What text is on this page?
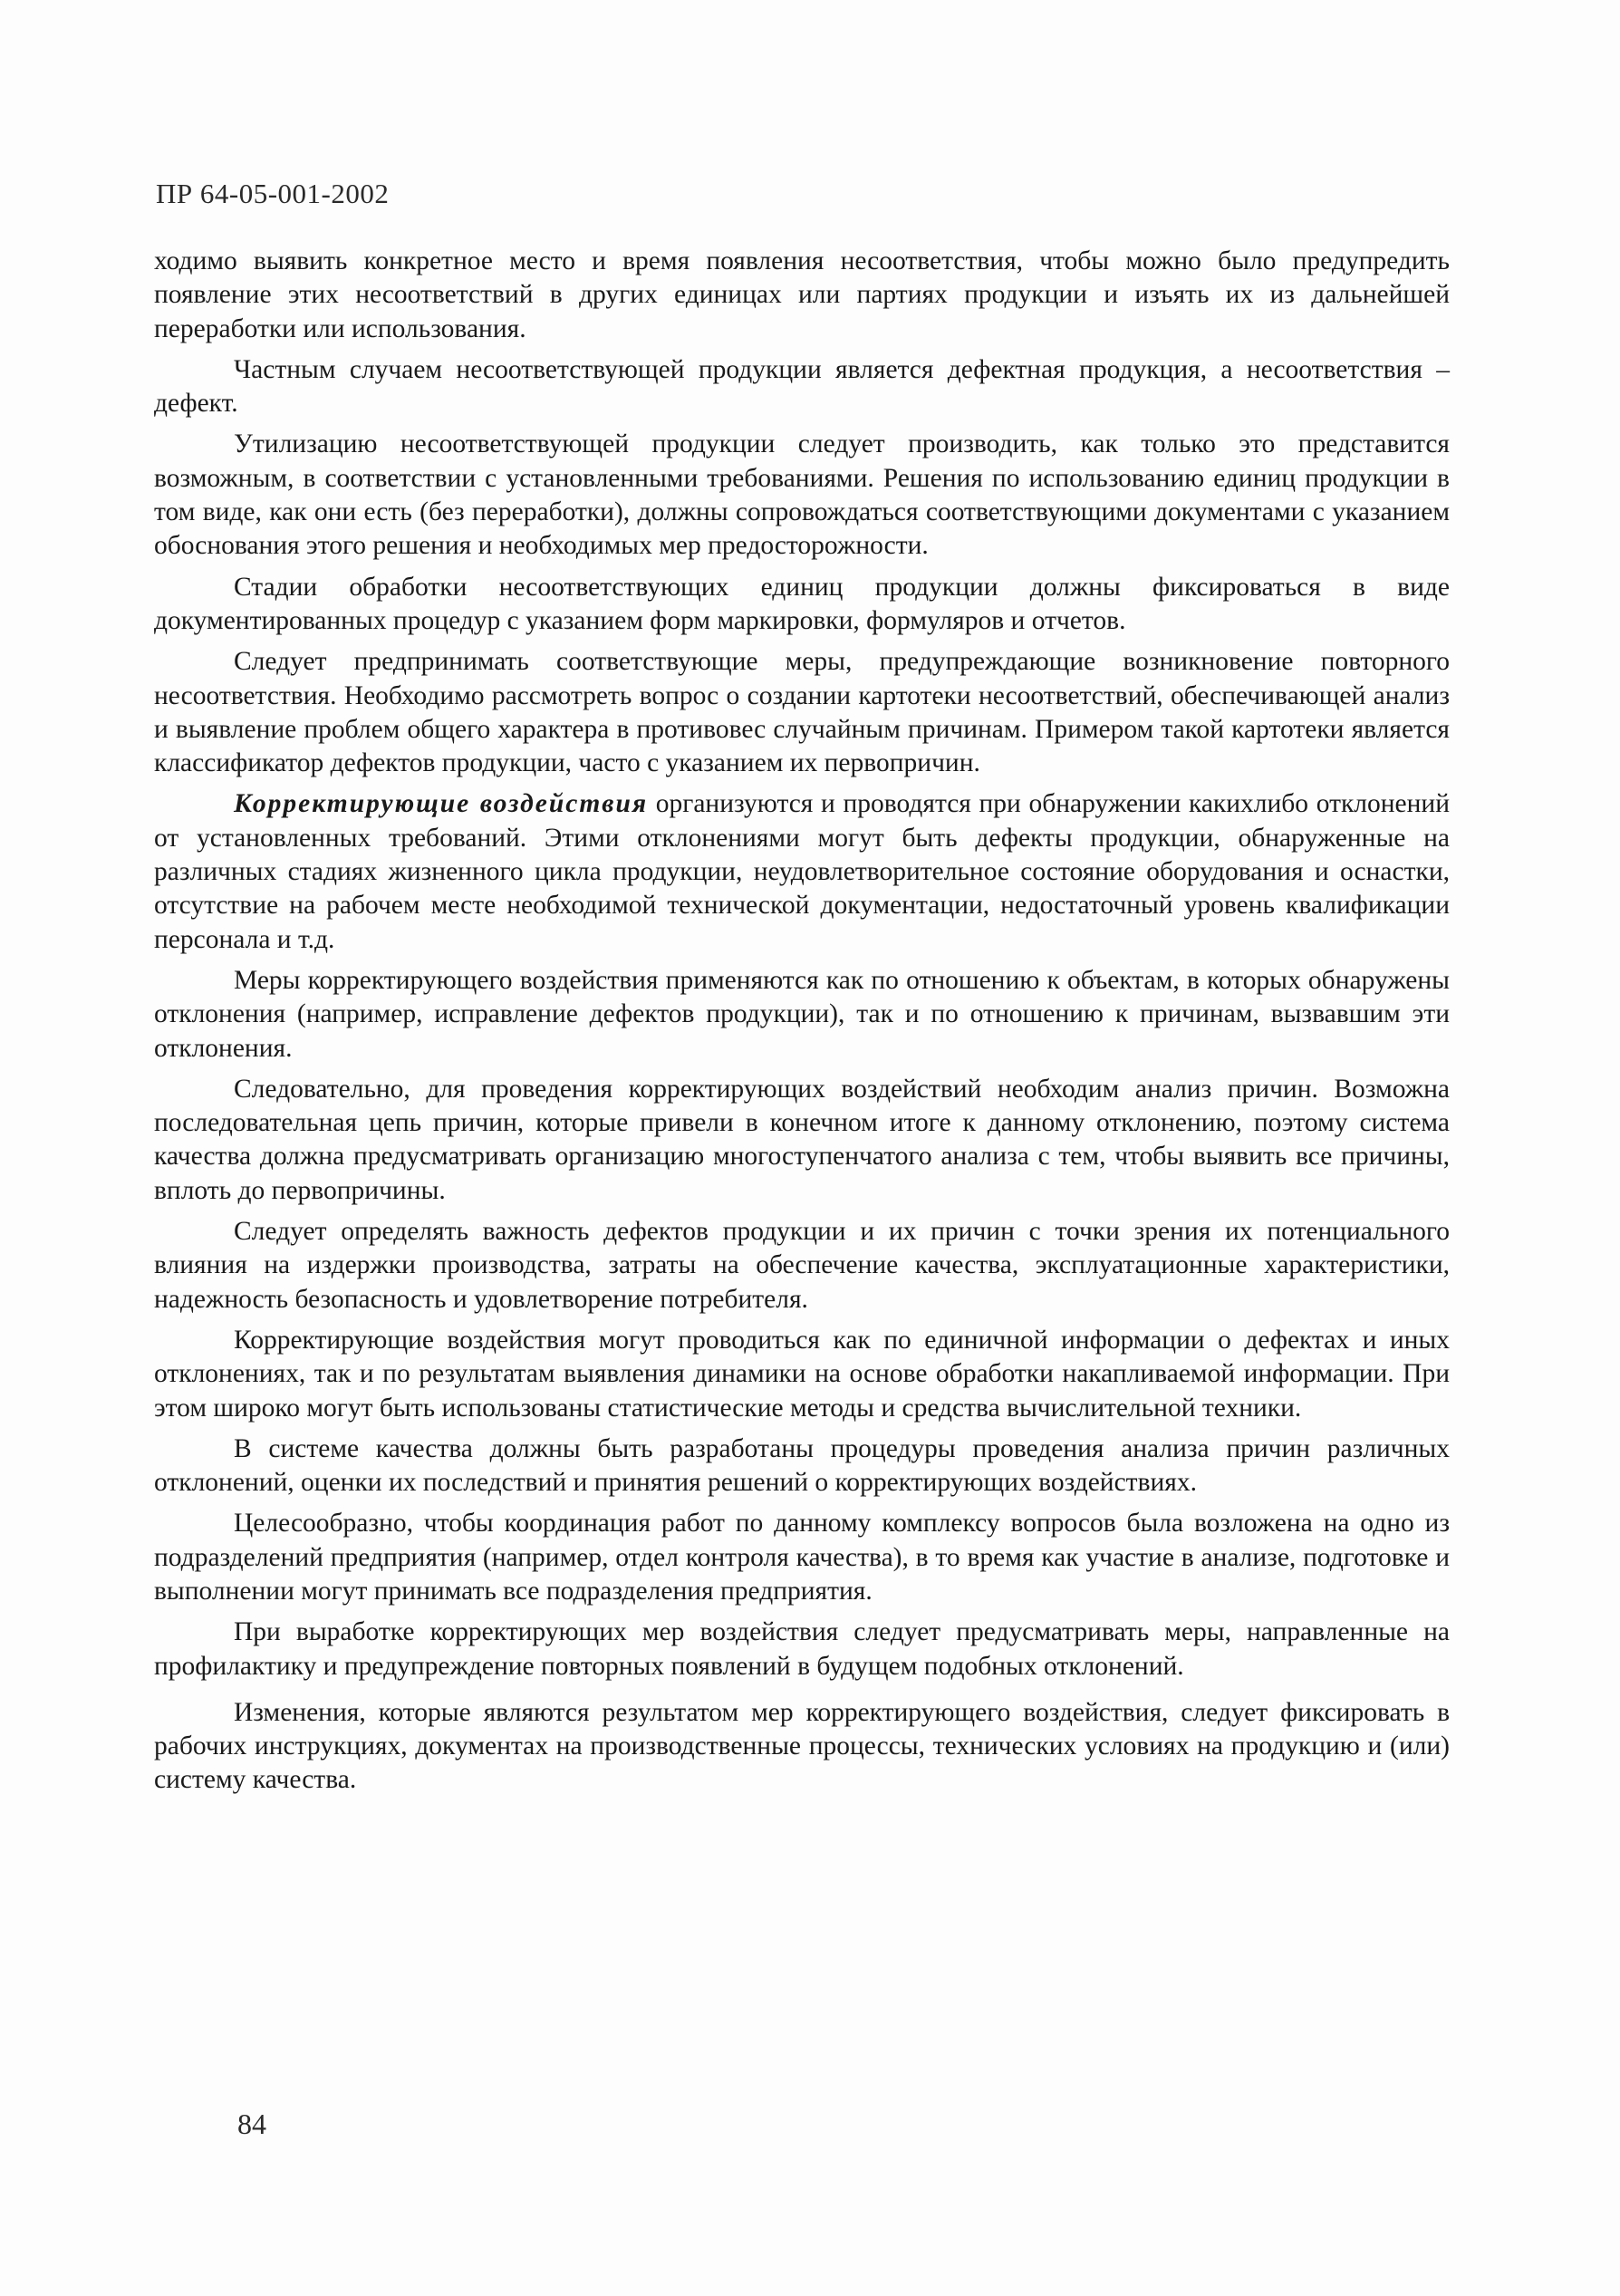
ПР 64-05-001-2002

ходимо выявить конкретное место и время появления несоответствия, чтобы можно было предупредить появление этих несоответствий в других единицах или партиях продукции и изъять их из дальнейшей переработки или использования.

Частным случаем несоответствующей продукции является дефектная продукция, а несоответствия – дефект.

Утилизацию несоответствующей продукции следует производить, как только это представится возможным, в соответствии с установленными требованиями. Решения по использованию единиц продукции в том виде, как они есть (без переработки), должны сопровождаться соответствующими документами с указанием обоснования этого решения и необходимых мер предосторожности.

Стадии обработки несоответствующих единиц продукции должны фиксироваться в виде документированных процедур с указанием форм маркировки, формуляров и отчетов.

Следует предпринимать соответствующие меры, предупреждающие возникновение повторного несоответствия. Необходимо рассмотреть вопрос о создании картотеки несоответствий, обеспечивающей анализ и выявление проблем общего характера в противовес случайным причинам. Примером такой картотеки является классификатор дефектов продукции, часто с указанием их первопричин.

Корректирующие воздействия организуются и проводятся при обнаружении какихлибо отклонений от установленных требований. Этими отклонениями могут быть дефекты продукции, обнаруженные на различных стадиях жизненного цикла продукции, неудовлетворительное состояние оборудования и оснастки, отсутствие на рабочем месте необходимой технической документации, недостаточный уровень квалификации персонала и т.д.

Меры корректирующего воздействия применяются как по отношению к объектам, в которых обнаружены отклонения (например, исправление дефектов продукции), так и по отношению к причинам, вызвавшим эти отклонения.

Следовательно, для проведения корректирующих воздействий необходим анализ причин. Возможна последовательная цепь причин, которые привели в конечном итоге к данному отклонению, поэтому система качества должна предусматривать организацию многоступенчатого анализа с тем, чтобы выявить все причины, вплоть до первопричины.

Следует определять важность дефектов продукции и их причин с точки зрения их потенциального влияния на издержки производства, затраты на обеспечение качества, эксплуатационные характеристики, надежность безопасность и удовлетворение потребителя.

Корректирующие воздействия могут проводиться как по единичной информации о дефектах и иных отклонениях, так и по результатам выявления динамики на основе обработки накапливаемой информации. При этом широко могут быть использованы статистические методы и средства вычислительной техники.

В системе качества должны быть разработаны процедуры проведения анализа причин различных отклонений, оценки их последствий и принятия решений о корректирующих воздействиях.

Целесообразно, чтобы координация работ по данному комплексу вопросов была возложена на одно из подразделений предприятия (например, отдел контроля качества), в то время как участие в анализе, подготовке и выполнении могут принимать все подразделения предприятия.

При выработке корректирующих мер воздействия следует предусматривать меры, направленные на профилактику и предупреждение повторных появлений в будущем подобных отклонений.

Изменения, которые являются результатом мер корректирующего воздействия, следует фиксировать в рабочих инструкциях, документах на производственные процессы, технических условиях на продукцию и (или) систему качества.

84
